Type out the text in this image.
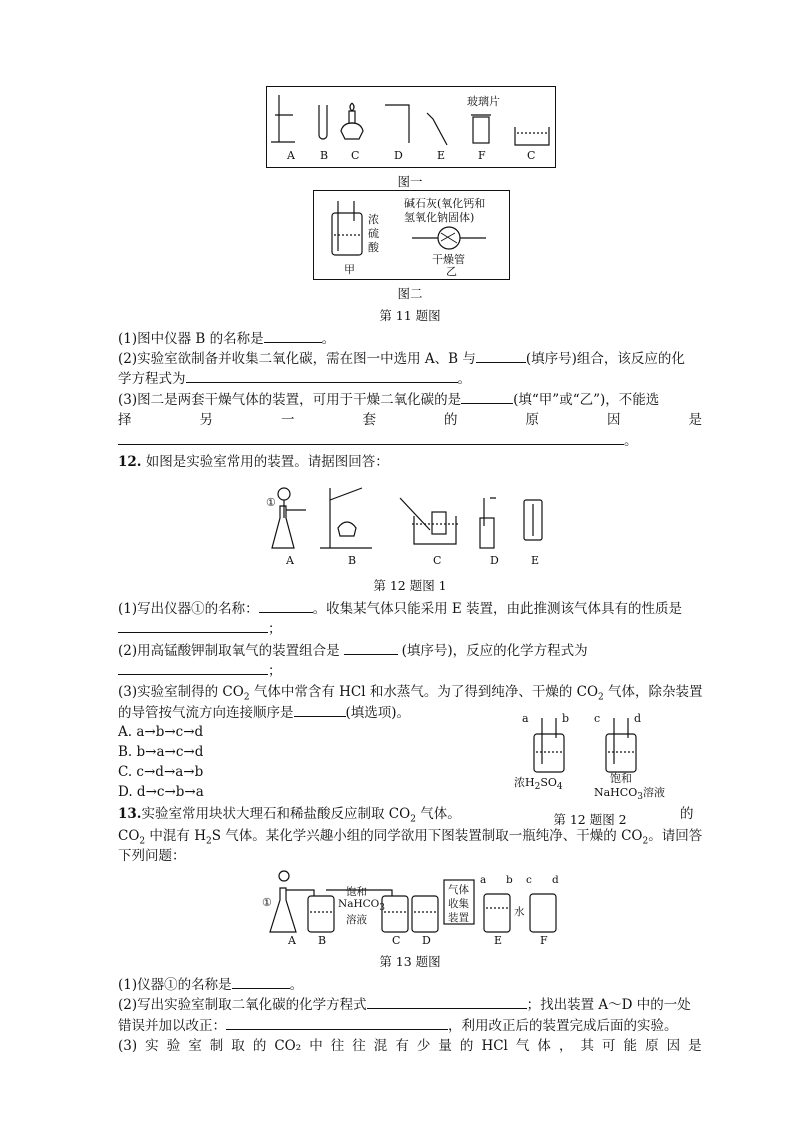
玻璃片
A B C	D	E	F	C
图一
浓
硫
酸
碱石灰(氧化钙和
氢氧化钠固体)
干燥管
甲	乙
图二
第 11 题图
(1)图中仪器 B 的名称是	。
(2)实验室欲制备并收集二氧化碳，需在图一中选用 A、B 与	(填序号)组合，该反应的化
学方程式为	。
(3)图二是两套干燥气体的装置，可用于干燥二氧化碳的是	(填“甲”或“乙”)，不能选
择	另	一	套	的	原	因	是
。
12. 如图是实验室常用的装置。请据图回答：
①
A	B	C	D	E
第 12 题图 1
(1)写出仪器①的名称：	。收集某气体只能采用 E 装置，由此推测该气体具有的性质是
；
(2)用高锰酸钾制取氧气的装置组合是	(填序号)，反应的化学方程式为
；
(3)实验室制得的 $CO_2$ 气体中常含有 HCl 和水蒸气。为了得到纯净、干燥的 $CO_2$ 气体，除杂装置
的导管按气流方向连接顺序是	(填选项)。
A. a→b→c→d
B. b→a→c→d
C. c→d→a→b
D. d→c→b→a
a	b c	d
浓$H_2SO_4$
饱和
NaHCO$_3$溶液
13.实验室常用块状大理石和稀盐酸反应制取 $CO_2$ 气体。	第 12 题图 2	的
$CO_2$ 中混有 $H_2S$ 气体。某化学兴趣小组的同学欲用下图装置制取一瓶纯净、干燥的 $CO_2$。请回答
下列问题：
①
饱和
NaHCO$_3$
溶液
气体
收集
装置	水
a b c d
A B	C D	E	F
第 13 题图
(1)仪器①的名称是	。
(2)写出实验室制取二氧化碳的化学方程式	；找出装置 A～D 中的一处
错误并加以改正：	，利用改正后的装置完成后面的实验。
(3) 实 验 室 制 取 的 CO₂ 中 往 往 混 有 少 量 的 HCl 气 体 ， 其 可 能 原 因 是
